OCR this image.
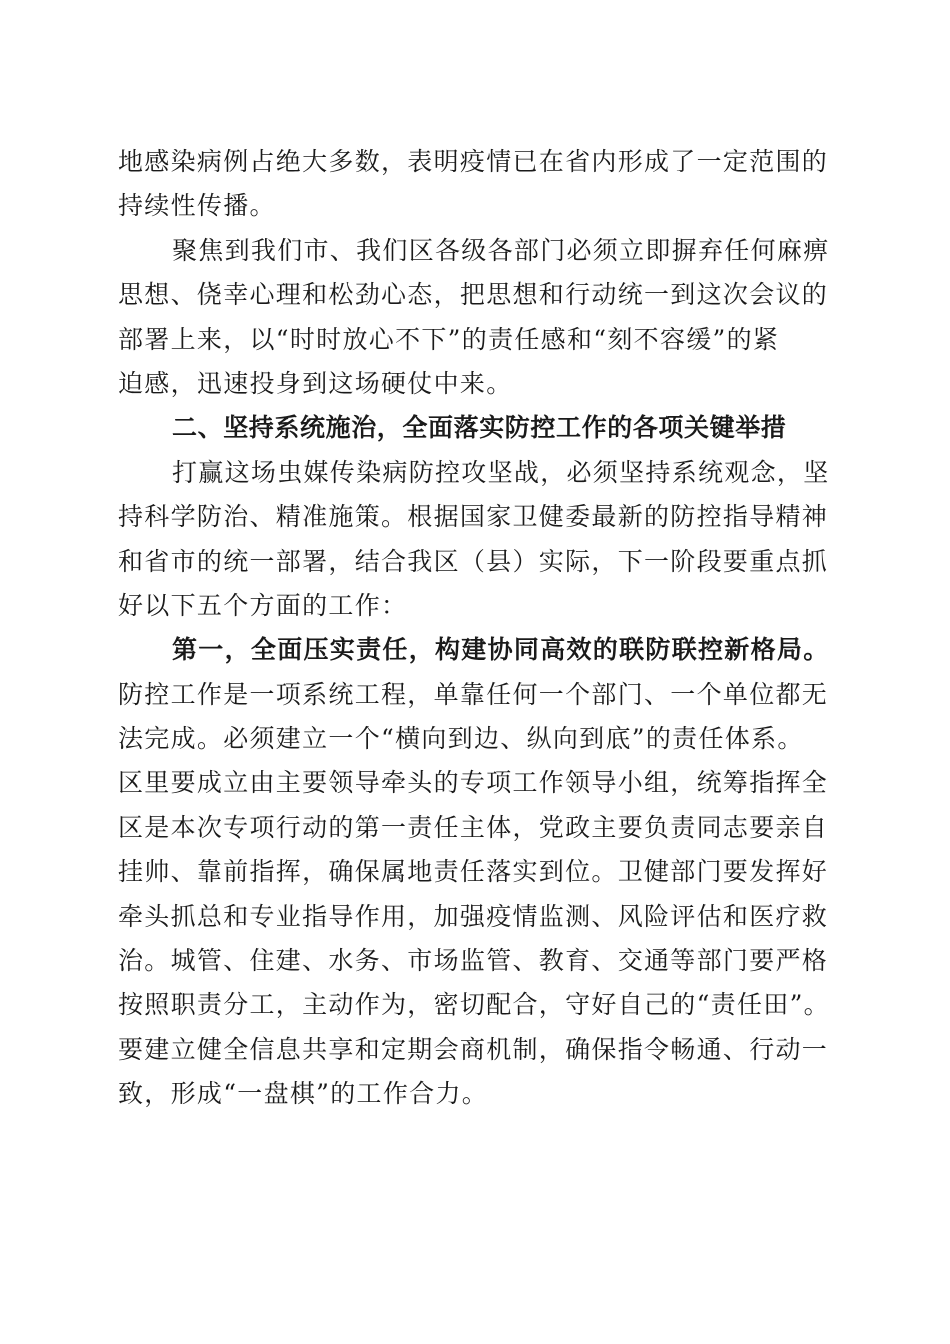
地感染病例占绝大多数，表明疫情已在省内形成了一定范围的
持续性传播。
聚焦到我们市、我们区各级各部门必须立即摒弃任何麻痹
思想、侥幸心理和松劲心态，把思想和行动统一到这次会议的
部署上来，以“时时放心不下”的责任感和“刻不容缓”的紧
迫感，迅速投身到这场硬仗中来。
二、坚持系统施治，全面落实防控工作的各项关键举措
打赢这场虫媒传染病防控攻坚战，必须坚持系统观念，坚
持科学防治、精准施策。根据国家卫健委最新的防控指导精神
和省市的统一部署，结合我区（县）实际，下一阶段要重点抓
好以下五个方面的工作：
第一，全面压实责任，构建协同高效的联防联控新格局。
防控工作是一项系统工程，单靠任何一个部门、一个单位都无
法完成。必须建立一个“横向到边、纵向到底”的责任体系。
区里要成立由主要领导牵头的专项工作领导小组，统筹指挥全
区是本次专项行动的第一责任主体，党政主要负责同志要亲自
挂帅、靠前指挥，确保属地责任落实到位。卫健部门要发挥好
牵头抓总和专业指导作用，加强疫情监测、风险评估和医疗救
治。城管、住建、水务、市场监管、教育、交通等部门要严格
按照职责分工，主动作为，密切配合，守好自己的“责任田”。
要建立健全信息共享和定期会商机制，确保指令畅通、行动一
致，形成“一盘棋”的工作合力。
